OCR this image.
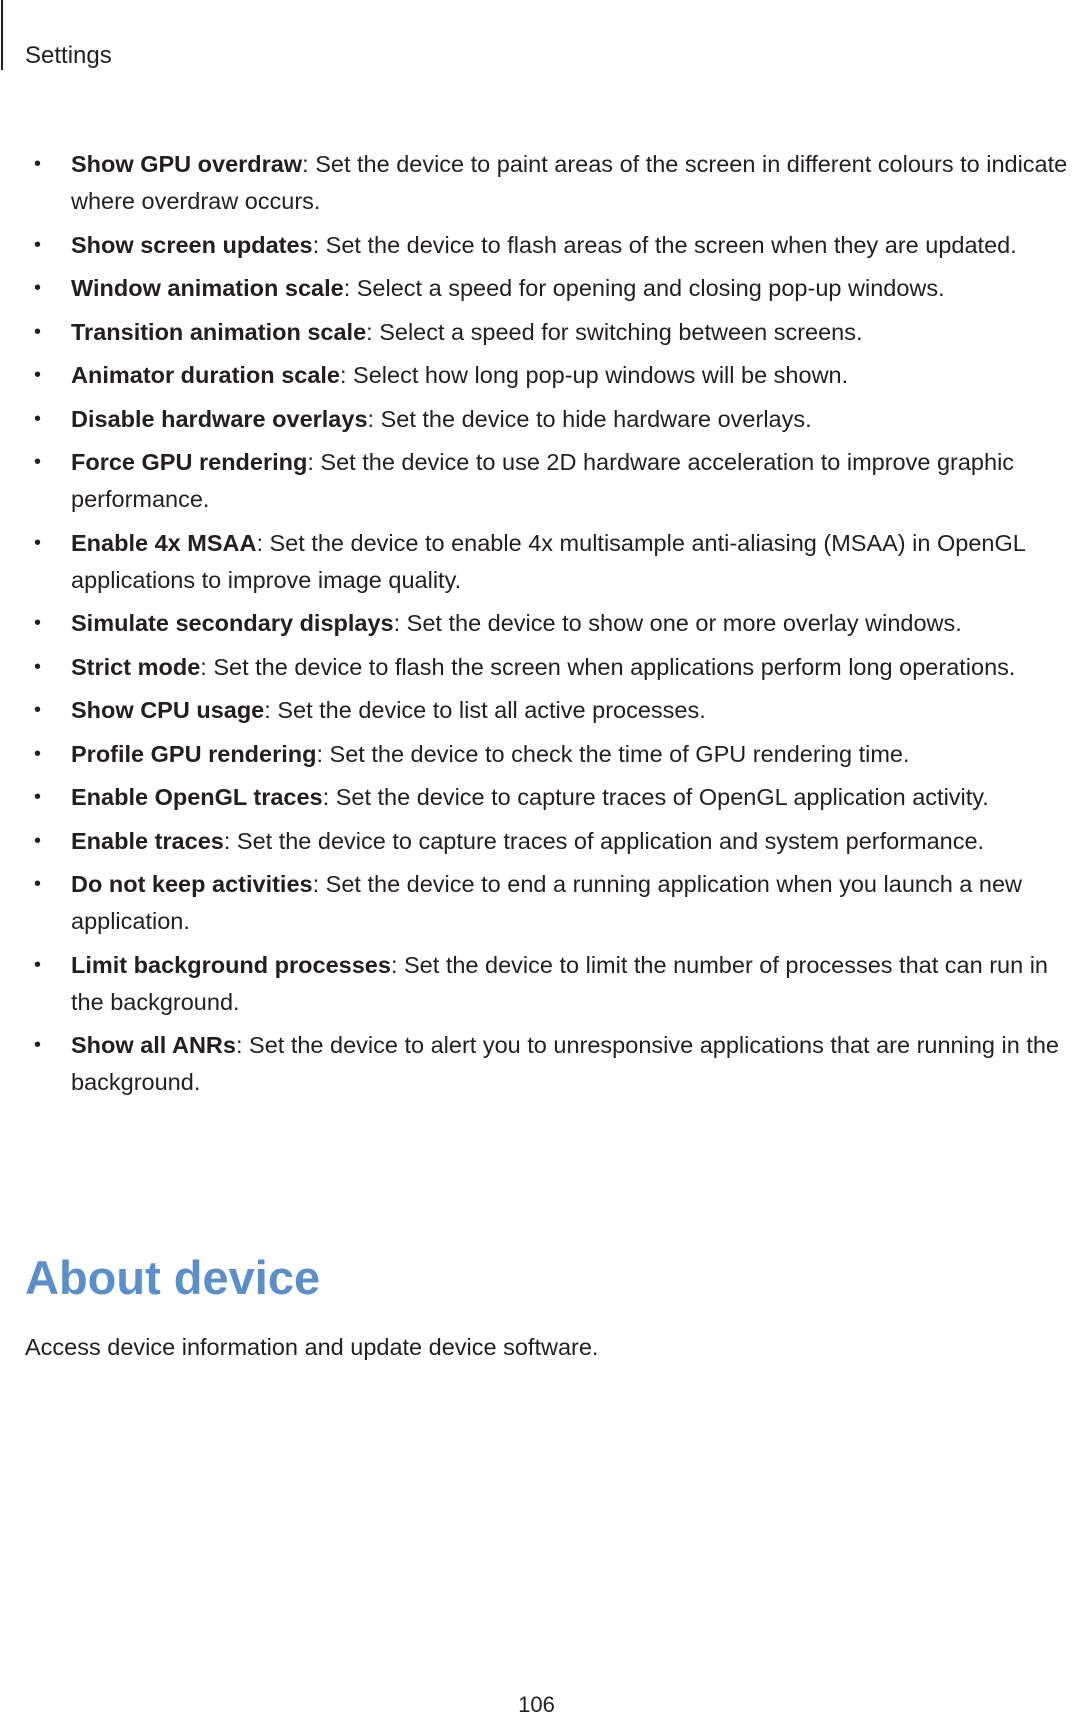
Settings
• Show GPU overdraw: Set the device to paint areas of the screen in different colours to indicate where overdraw occurs.
• Show screen updates: Set the device to flash areas of the screen when they are updated.
• Window animation scale: Select a speed for opening and closing pop-up windows.
• Transition animation scale: Select a speed for switching between screens.
• Animator duration scale: Select how long pop-up windows will be shown.
• Disable hardware overlays: Set the device to hide hardware overlays.
• Force GPU rendering: Set the device to use 2D hardware acceleration to improve graphic performance.
• Enable 4x MSAA: Set the device to enable 4x multisample anti-aliasing (MSAA) in OpenGL applications to improve image quality.
• Simulate secondary displays: Set the device to show one or more overlay windows.
• Strict mode: Set the device to flash the screen when applications perform long operations.
• Show CPU usage: Set the device to list all active processes.
• Profile GPU rendering: Set the device to check the time of GPU rendering time.
• Enable OpenGL traces: Set the device to capture traces of OpenGL application activity.
• Enable traces: Set the device to capture traces of application and system performance.
• Do not keep activities: Set the device to end a running application when you launch a new application.
• Limit background processes: Set the device to limit the number of processes that can run in the background.
• Show all ANRs: Set the device to alert you to unresponsive applications that are running in the background.
About device

Access device information and update device software.

106
